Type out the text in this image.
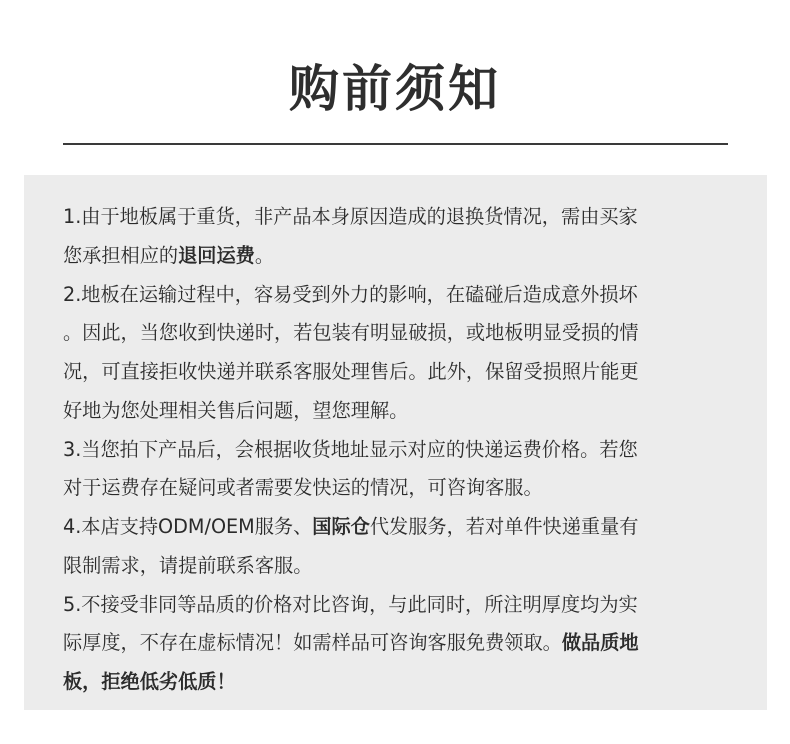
购前须知
1.由于地板属于重货，非产品本身原因造成的退换货情况，需由买家
您承担相应的退回运费。
2.地板在运输过程中，容易受到外力的影响，在磕碰后造成意外损坏
。因此，当您收到快递时，若包装有明显破损，或地板明显受损的情
况，可直接拒收快递并联系客服处理售后。此外，保留受损照片能更
好地为您处理相关售后问题，望您理解。
3.当您拍下产品后，会根据收货地址显示对应的快递运费价格。若您
对于运费存在疑问或者需要发快运的情况，可咨询客服。
4.本店支持ODM/OEM服务、国际仓代发服务，若对单件快递重量有
限制需求，请提前联系客服。
5.不接受非同等品质的价格对比咨询，与此同时，所注明厚度均为实
际厚度，不存在虚标情况！如需样品可咨询客服免费领取。做品质地
板，拒绝低劣低质！
